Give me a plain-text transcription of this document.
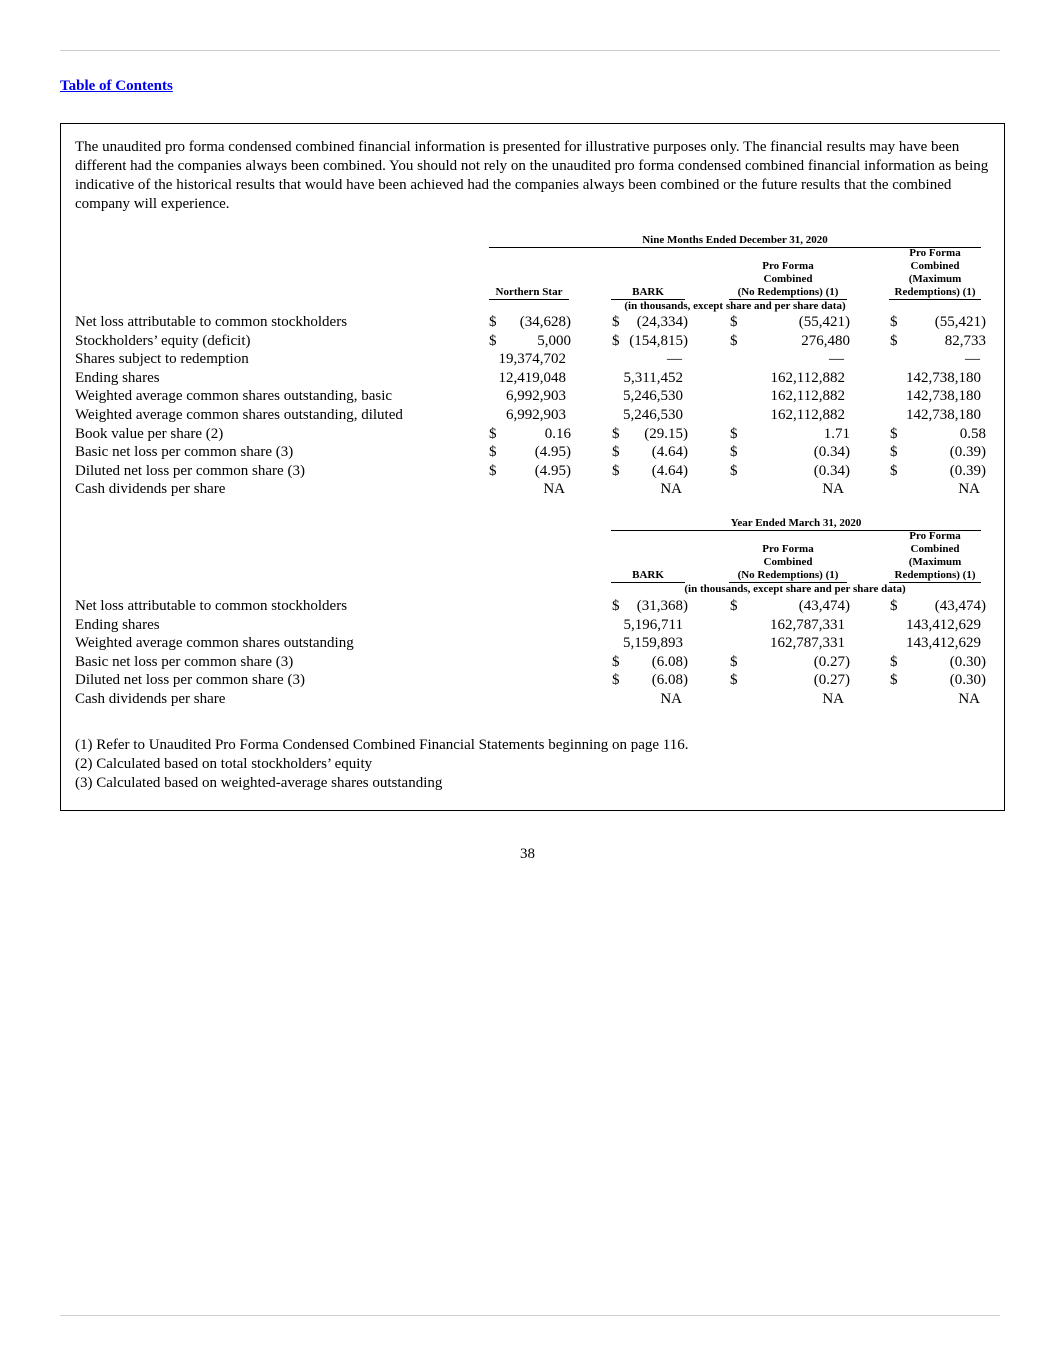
Table of Contents

The unaudited pro forma condensed combined financial information is presented for illustrative purposes only. The financial results may have been different had the companies always been combined. You should not rely on the unaudited pro forma condensed combined financial information as being indicative of the historical results that would have been achieved had the companies always been combined or the future results that the combined company will experience.

Nine Months Ended December 31, 2020
Northern Star	BARK
Pro Forma
Combined
(No Redemptions) (1)
Pro Forma
Combined
(Maximum
Redemptions) (1)
(in thousands, except share and per share data)
Net loss attributable to common stockholders	$	(34,628)	$	(24,334)	$	(55,421)	$	(55,421)
Stockholders’ equity (deficit)	$	5,000	$ (154,815)	$	276,480	$	82,733
Shares subject to redemption	19,374,702	—	—	—
Ending shares	12,419,048	5,311,452	162,112,882	142,738,180
Weighted average common shares outstanding, basic	6,992,903	5,246,530	162,112,882	142,738,180
Weighted average common shares outstanding, diluted	6,992,903	5,246,530	162,112,882	142,738,180
Book value per share (2)	$	0.16	$	(29.15)	$	1.71	$	0.58
Basic net loss per common share (3)	$	(4.95)	$	(4.64)	$	(0.34)	$	(0.39)
Diluted net loss per common share (3)	$	(4.95)	$	(4.64)	$	(0.34)	$	(0.39)
Cash dividends per share	NA	NA	NA	NA
Year Ended March 31, 2020
BARK
Pro Forma
Combined
(No Redemptions) (1)
Pro Forma
Combined
(Maximum
Redemptions) (1)
(in thousands, except share and per share data)
Net loss attributable to common stockholders	$	(31,368)	$	(43,474)	$	(43,474)
Ending shares	5,196,711	162,787,331	143,412,629
Weighted average common shares outstanding	5,159,893	162,787,331	143,412,629
Basic net loss per common share (3)	$	(6.08)	$	(0.27)	$	(0.30)
Diluted net loss per common share (3)	$	(6.08)	$	(0.27)	$	(0.30)
Cash dividends per share	NA	NA	NA
(1) Refer to Unaudited Pro Forma Condensed Combined Financial Statements beginning on page 116.
(2) Calculated based on total stockholders’ equity
(3) Calculated based on weighted-average shares outstanding
38
